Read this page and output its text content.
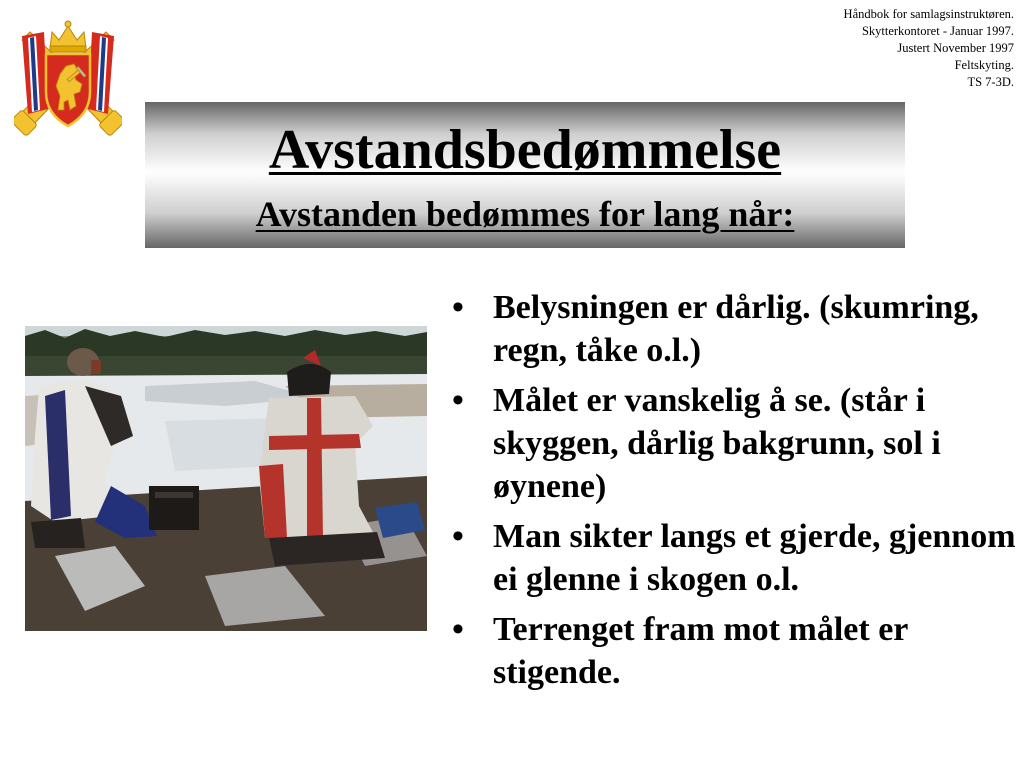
Håndbok for samlagsinstruktøren.
Skytterkontoret - Januar 1997.
Justert November 1997
Feltskyting.
TS 7-3D.
Avstandsbedømmelse
Avstanden bedømmes for lang når:
• Belysningen er dårlig. (skumring, regn, tåke o.l.)
• Målet er vanskelig å se. (står i skyggen, dårlig bakgrunn, sol i øynene)
• Man sikter langs et gjerde, gjennom ei glenne i skogen o.l.
• Terrenget fram mot målet er stigende.
